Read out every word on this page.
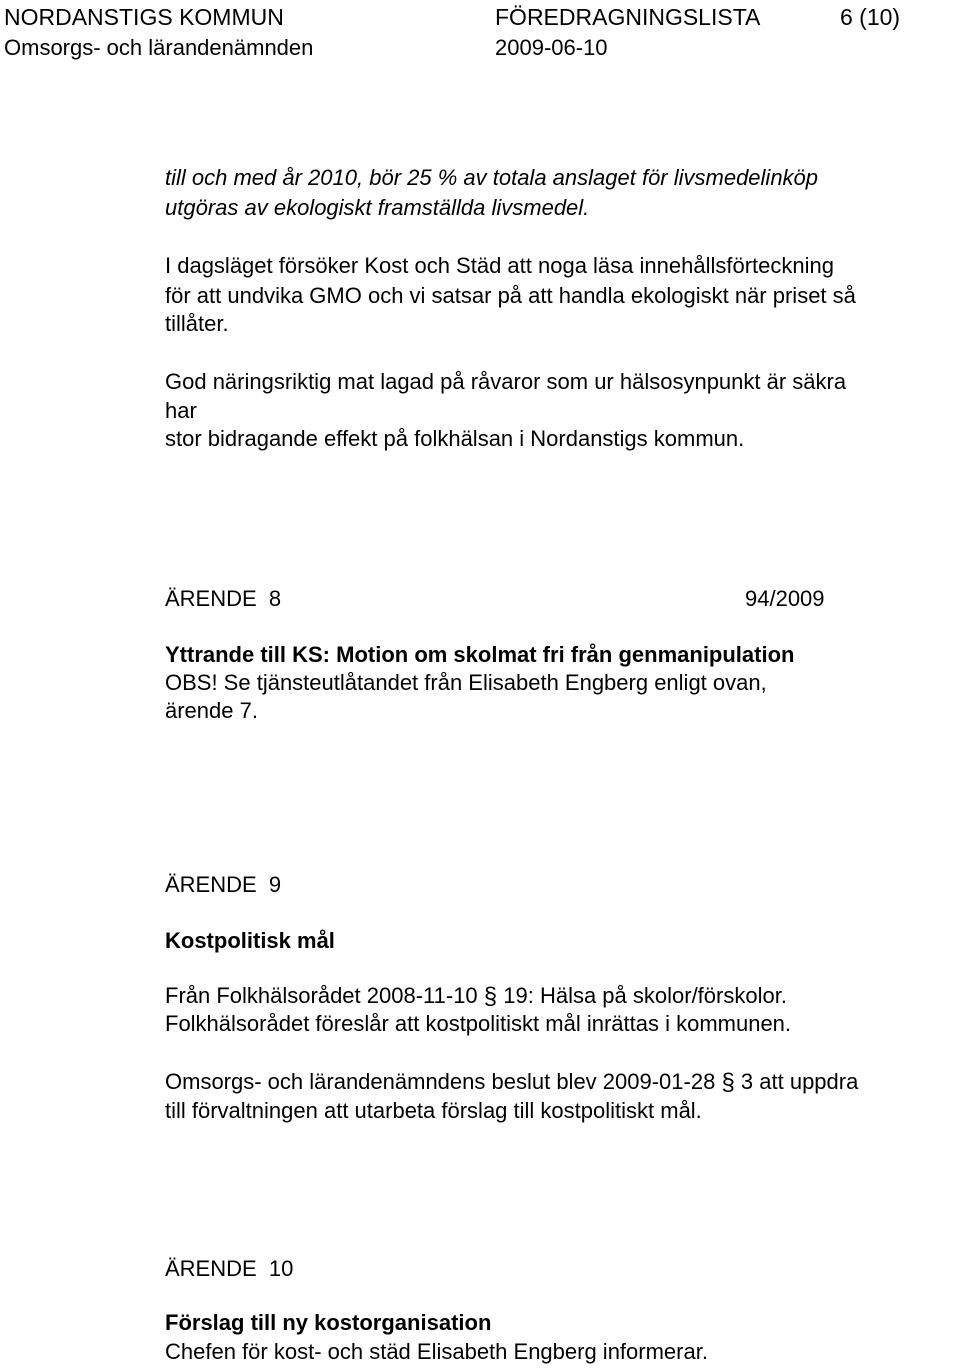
NORDANSTIGS KOMMUN	FÖREDRAGNINGSLISTA	6 (10)
Omsorgs- och lärandenämnden	2009-06-10
till och med år 2010, bör 25 % av totala anslaget för livsmedelinköp
utgöras av ekologiskt framställda livsmedel.
I dagsläget försöker Kost och Städ att noga läsa innehållsförteckning
för att undvika GMO och vi satsar på att handla ekologiskt när priset så
tillåter.
God näringsriktig mat lagad på råvaror som ur hälsosynpunkt är säkra
har
stor bidragande effekt på folkhälsan i Nordanstigs kommun.
ÄRENDE  8	94/2009
Yttrande till KS: Motion om skolmat fri från genmanipulation
OBS! Se tjänsteutlåtandet från Elisabeth Engberg enligt ovan,
ärende 7.
ÄRENDE  9
Kostpolitisk mål
Från Folkhälsorådet 2008-11-10 § 19: Hälsa på skolor/förskolor.
Folkhälsorådet föreslår att kostpolitiskt mål inrättas i kommunen.
Omsorgs- och lärandenämndens beslut blev 2009-01-28 § 3 att uppdra
till förvaltningen att utarbeta förslag till kostpolitiskt mål.
ÄRENDE  10
Förslag till ny kostorganisation
Chefen för kost- och städ Elisabeth Engberg informerar.
